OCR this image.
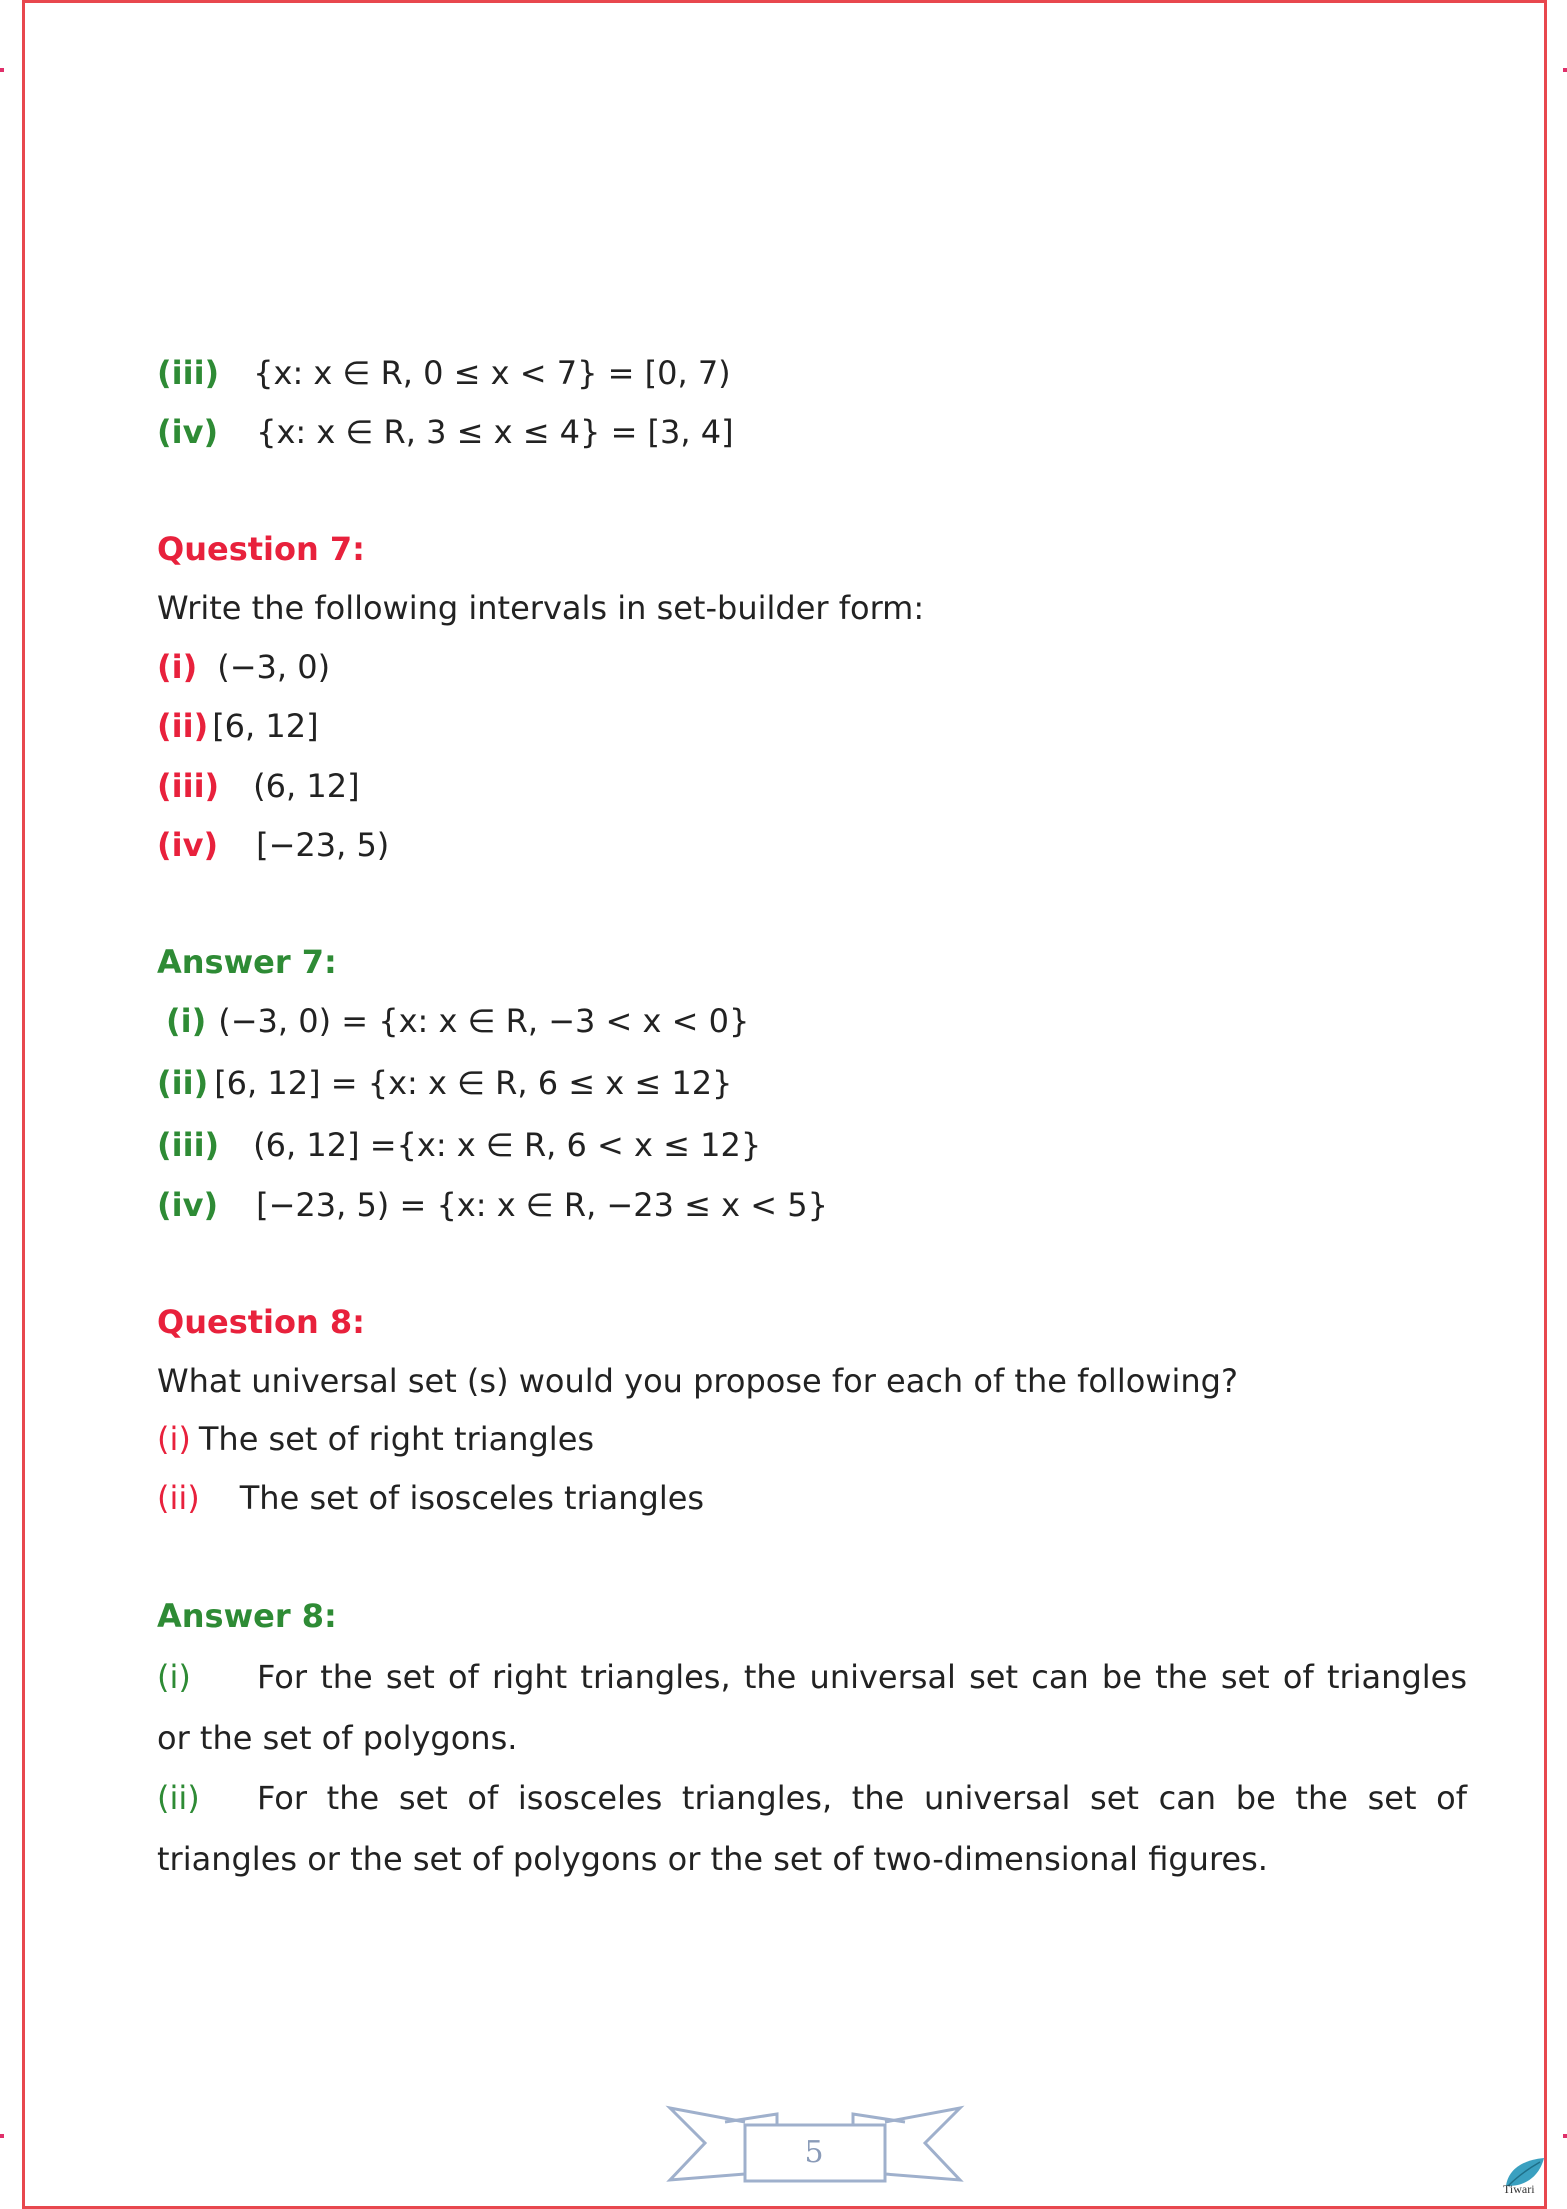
(iii) {x: x ∈ R, 0 ≤ x < 7} = [0, 7)
(iv) {x: x ∈ R, 3 ≤ x ≤ 4} = [3, 4]
Question 7:
Write the following intervals in set-builder form:
(i) (−3, 0)
(ii) [6, 12]
(iii) (6, 12]
(iv) [−23, 5)
Answer 7:
(i) (−3, 0) = {x: x ∈ R, −3 < x < 0}
(ii) [6, 12] = {x: x ∈ R, 6 ≤ x ≤ 12}
(iii) (6, 12] ={x: x ∈ R, 6 < x ≤ 12}
(iv) [−23, 5) = {x: x ∈ R, −23 ≤ x < 5}
Question 8:
What universal set (s) would you propose for each of the following?
(i) The set of right triangles
(ii) The set of isosceles triangles
Answer 8:
(i) For the set of right triangles, the universal set can be the set of triangles or the set of polygons.
(ii) For the set of isosceles triangles, the universal set can be the set of triangles or the set of polygons or the set of two-dimensional figures.
5
Tiwari
